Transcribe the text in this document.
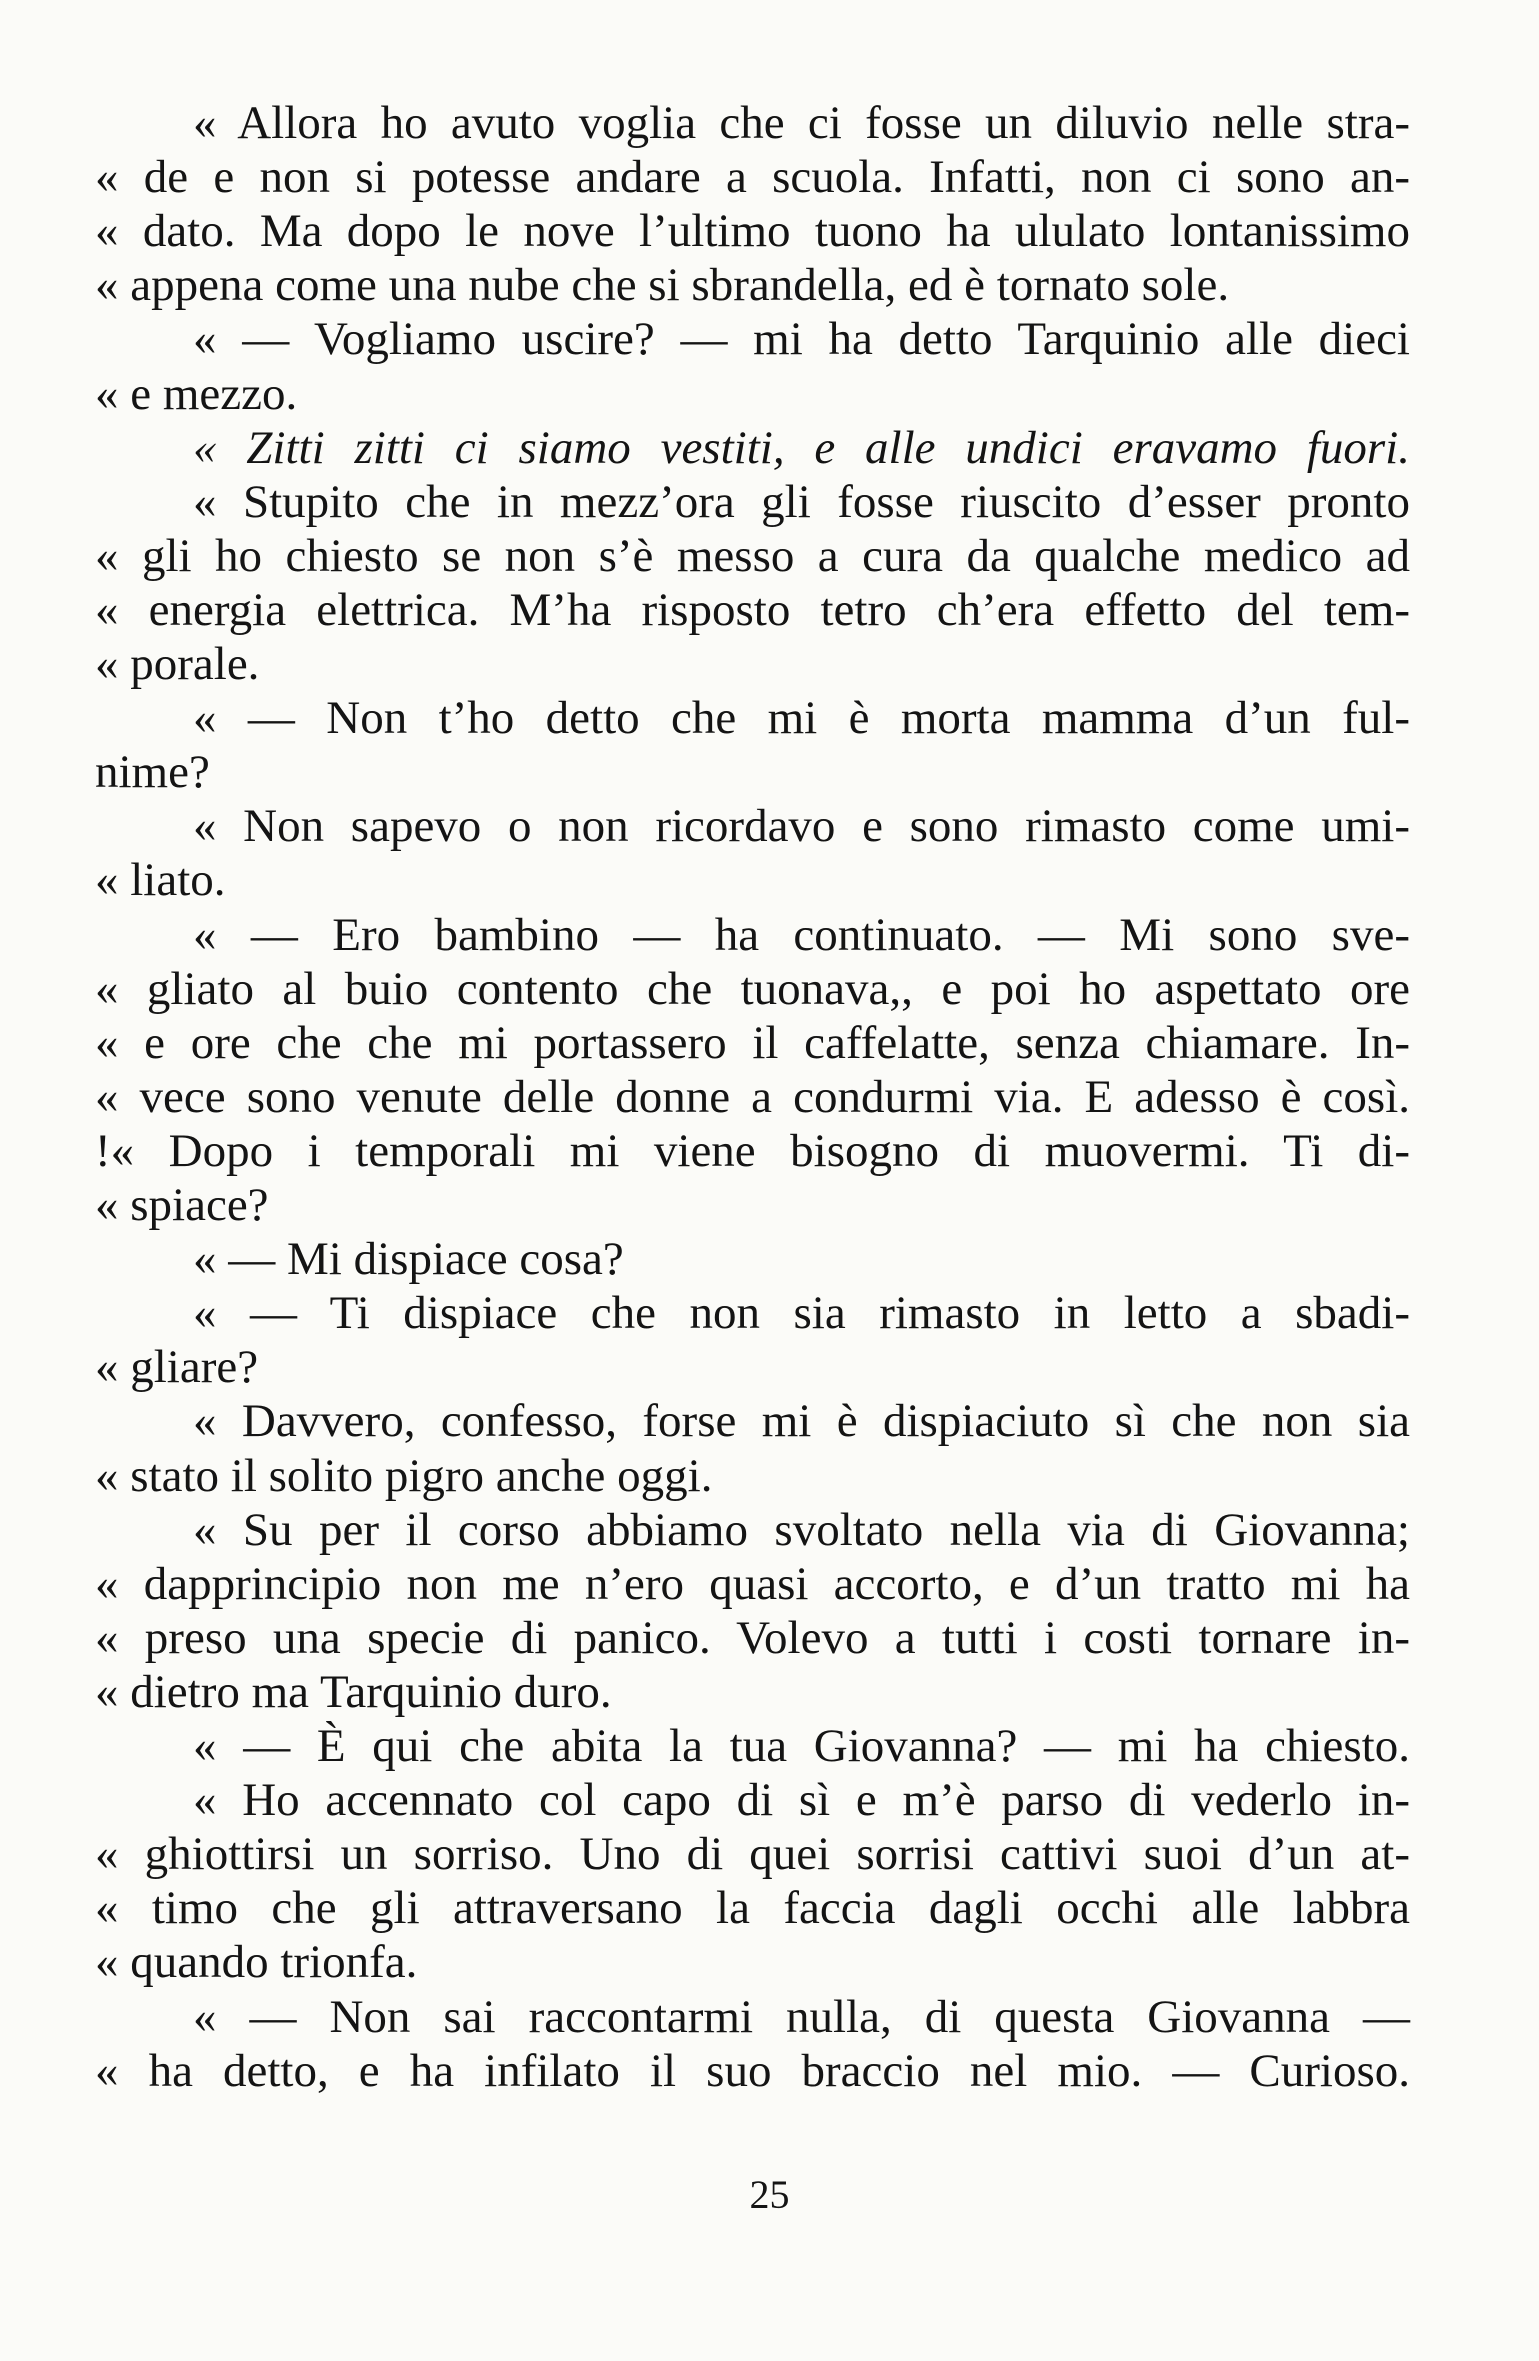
« Allora ho avuto voglia che ci fosse un diluvio nelle stra-
« de e non si potesse andare a scuola. Infatti, non ci sono an-
« dato. Ma dopo le nove l’ultimo tuono ha ululato lontanissimo
« appena come una nube che si sbrandella, ed è tornato sole.
« — Vogliamo uscire? — mi ha detto Tarquinio alle dieci
« e mezzo.
« Zitti zitti ci siamo vestiti, e alle undici eravamo fuori.
« Stupito che in mezz’ora gli fosse riuscito d’esser pronto
« gli ho chiesto se non s’è messo a cura da qualche medico ad
« energia elettrica. M’ha risposto tetro ch’era effetto del tem-
« porale.
« — Non t’ho detto che mi è morta mamma d’un ful-
nime?
« Non sapevo o non ricordavo e sono rimasto come umi-
« liato.
« — Ero bambino — ha continuato. — Mi sono sve-
« gliato al buio contento che tuonava,, e poi ho aspettato ore
« e ore che che mi portassero il caffelatte, senza chiamare. In-
« vece sono venute delle donne a condurmi via. E adesso è così.
!« Dopo i temporali mi viene bisogno di muovermi. Ti di-
« spiace?
« — Mi dispiace cosa?
« — Ti dispiace che non sia rimasto in letto a sbadi-
« gliare?
« Davvero, confesso, forse mi è dispiaciuto sì che non sia
« stato il solito pigro anche oggi.
« Su per il corso abbiamo svoltato nella via di Giovanna;
« dapprincipio non me n’ero quasi accorto, e d’un tratto mi ha
« preso una specie di panico. Volevo a tutti i costi tornare in-
« dietro ma Tarquinio duro.
« — È qui che abita la tua Giovanna? — mi ha chiesto.
« Ho accennato col capo di sì e m’è parso di vederlo in-
« ghiottirsi un sorriso. Uno di quei sorrisi cattivi suoi d’un at-
« timo che gli attraversano la faccia dagli occhi alle labbra
« quando trionfa.
« — Non sai raccontarmi nulla, di questa Giovanna —
« ha detto, e ha infilato il suo braccio nel mio. — Curioso.
25
